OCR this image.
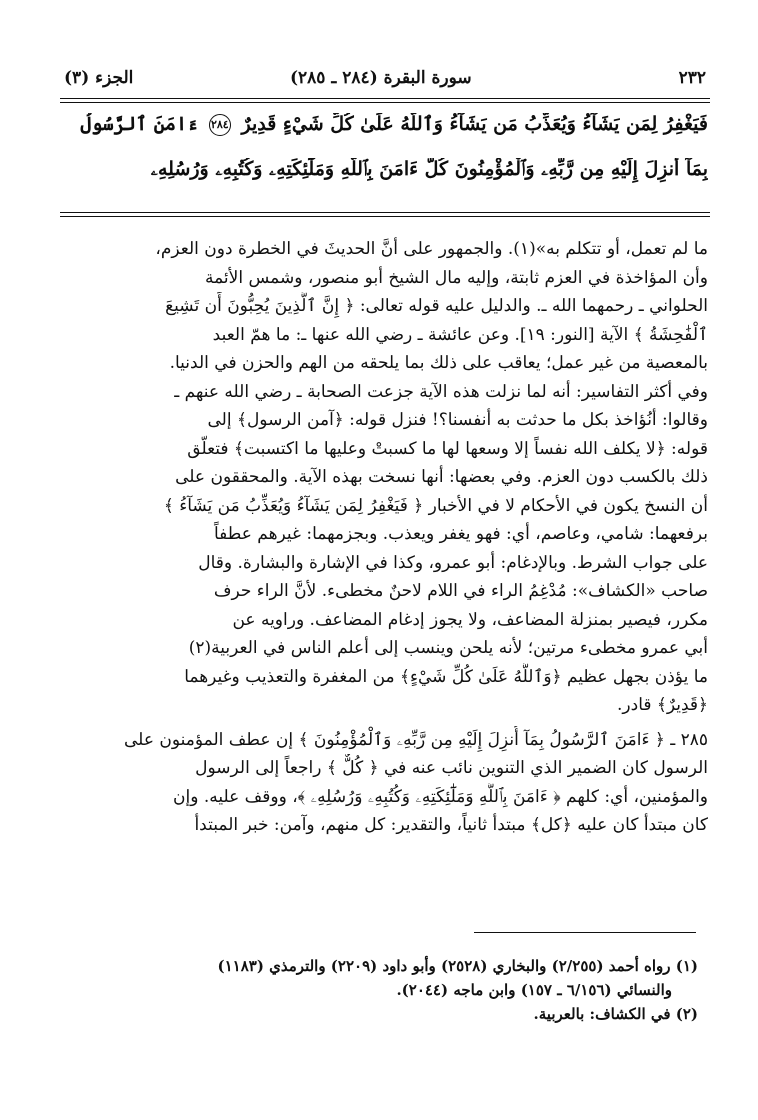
٢٣٢
سورة البقرة (٢٨٤ ـ ٢٨٥)
الجزء (٣)
فَيَغْفِرُ لِمَن يَشَآءُ وَيُعَذِّبُ مَن يَشَآءُ وَٱللَّهُ عَلَىٰ كُلِّ شَيْءٍ قَدِيرٌ ٢٨٤ ءَامَنَ ٱلرَّسُولُ
بِمَآ أُنزِلَ إِلَيْهِ مِن رَّبِّهِۦ وَٱلْمُؤْمِنُونَ كُلٌّ ءَامَنَ بِٱللَّهِ وَمَلَٰٓئِكَتِهِۦ وَكُتُبِهِۦ وَرُسُلِهِۦ
ما لم تعمل، أو تتكلم به»(١). والجمهور على أنَّ الحديثَ في الخطرة دون العزم،
وأن المؤاخذة في العزم ثابتة، وإليه مال الشيخ أبو منصور، وشمس الأئمة
الحلواني ـ رحمهما الله ـ. والدليل عليه قوله تعالى: ﴿ إِنَّ ٱلَّذِينَ يُحِبُّونَ أَن تَشِيعَ
ٱلْفَٰحِشَةُ ﴾ الآية [النور: ١٩]. وعن عائشة ـ رضي الله عنها ـ: ما همّ العبد
بالمعصية من غير عمل؛ يعاقب على ذلك بما يلحقه من الهم والحزن في الدنيا.
وفي أكثر التفاسير: أنه لما نزلت هذه الآية جزعت الصحابة ـ رضي الله عنهم ـ
وقالوا: أنُؤاخذ بكل ما حدثت به أنفسنا؟! فنزل قوله: ﴿آمن الرسول﴾ إلى
قوله: ﴿لا يكلف الله نفساً إلا وسعها لها ما كسبتْ وعليها ما اكتسبت﴾ فتعلّق
ذلك بالكسب دون العزم. وفي بعضها: أنها نسخت بهذه الآية. والمحققون على
أن النسخ يكون في الأحكام لا في الأخبار ﴿ فَيَغْفِرُ لِمَن يَشَآءُ وَيُعَذِّبُ مَن يَشَآءُ ﴾
برفعهما: شامي، وعاصم، أي: فهو يغفر ويعذب. وبجزمهما: غيرهم عطفاً
على جواب الشرط. وبالإدغام: أبو عمرو، وكذا في الإشارة والبشارة. وقال
صاحب «الكشاف»: مُدْغِمُ الراء في اللام لاحنٌ مخطىء. لأنَّ الراء حرف
مكرر، فيصير بمنزلة المضاعف، ولا يجوز إدغام المضاعف. وراويه عن
أبي عمرو مخطىء مرتين؛ لأنه يلحن وينسب إلى أعلم الناس في العربية(٢)
ما يؤذن بجهل عظيم ﴿وَٱللَّهُ عَلَىٰ كُلِّ شَيْءٍ﴾ من المغفرة والتعذيب وغيرهما
﴿قَدِيرٌ﴾ قادر.
٢٨٥ ـ ﴿ ءَامَنَ ٱلرَّسُولُ بِمَآ أُنزِلَ إِلَيْهِ مِن رَّبِّهِۦ وَٱلْمُؤْمِنُونَ ﴾ إن عطف المؤمنون على
الرسول كان الضمير الذي التنوين نائب عنه في ﴿ كُلٌّ ﴾ راجعاً إلى الرسول
والمؤمنين، أي: كلهم ﴿ ءَامَنَ بِٱللَّهِ وَمَلَٰٓئِكَتِهِۦ وَكُتُبِهِۦ وَرُسُلِهِۦ ﴾، ووقف عليه. وإن
كان مبتدأ كان عليه ﴿كل﴾ مبتدأ ثانياً، والتقدير: كل منهم، وآمن: خبر المبتدأ
(١) رواه أحمد (٢/٢٥٥) والبخاري (٢٥٢٨) وأبو داود (٢٢٠٩) والترمذي (١١٨٣)
والنسائي (٦/١٥٦ ـ ١٥٧) وابن ماجه (٢٠٤٤).
(٢) في الكشاف: بالعربية.
